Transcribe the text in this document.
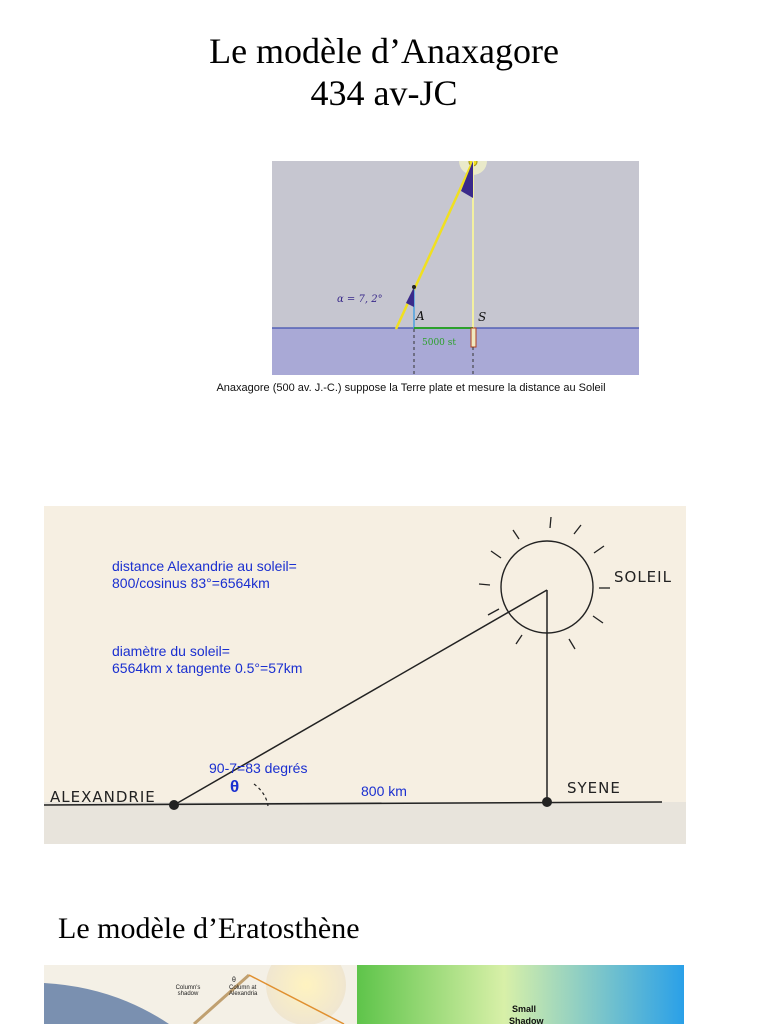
Le modèle d’Anaxagore
434 av-JC
α = 7, 2°
A	S
5000 st
Anaxagore (500 av. J.-C.) suppose la Terre plate et mesure la distance au Soleil
distance Alexandrie au soleil=
800/cosinus 83°=6564km
diamètre du soleil=
6564km x tangente 0.5°=57km
90-7=83 degrés
θ	800 km
ALEXANDRIE	SYENE
SOLEIL
Le modèle d’Eratosthène
Column's shadow
Column at Alexandria
θ
Small
Shadow
